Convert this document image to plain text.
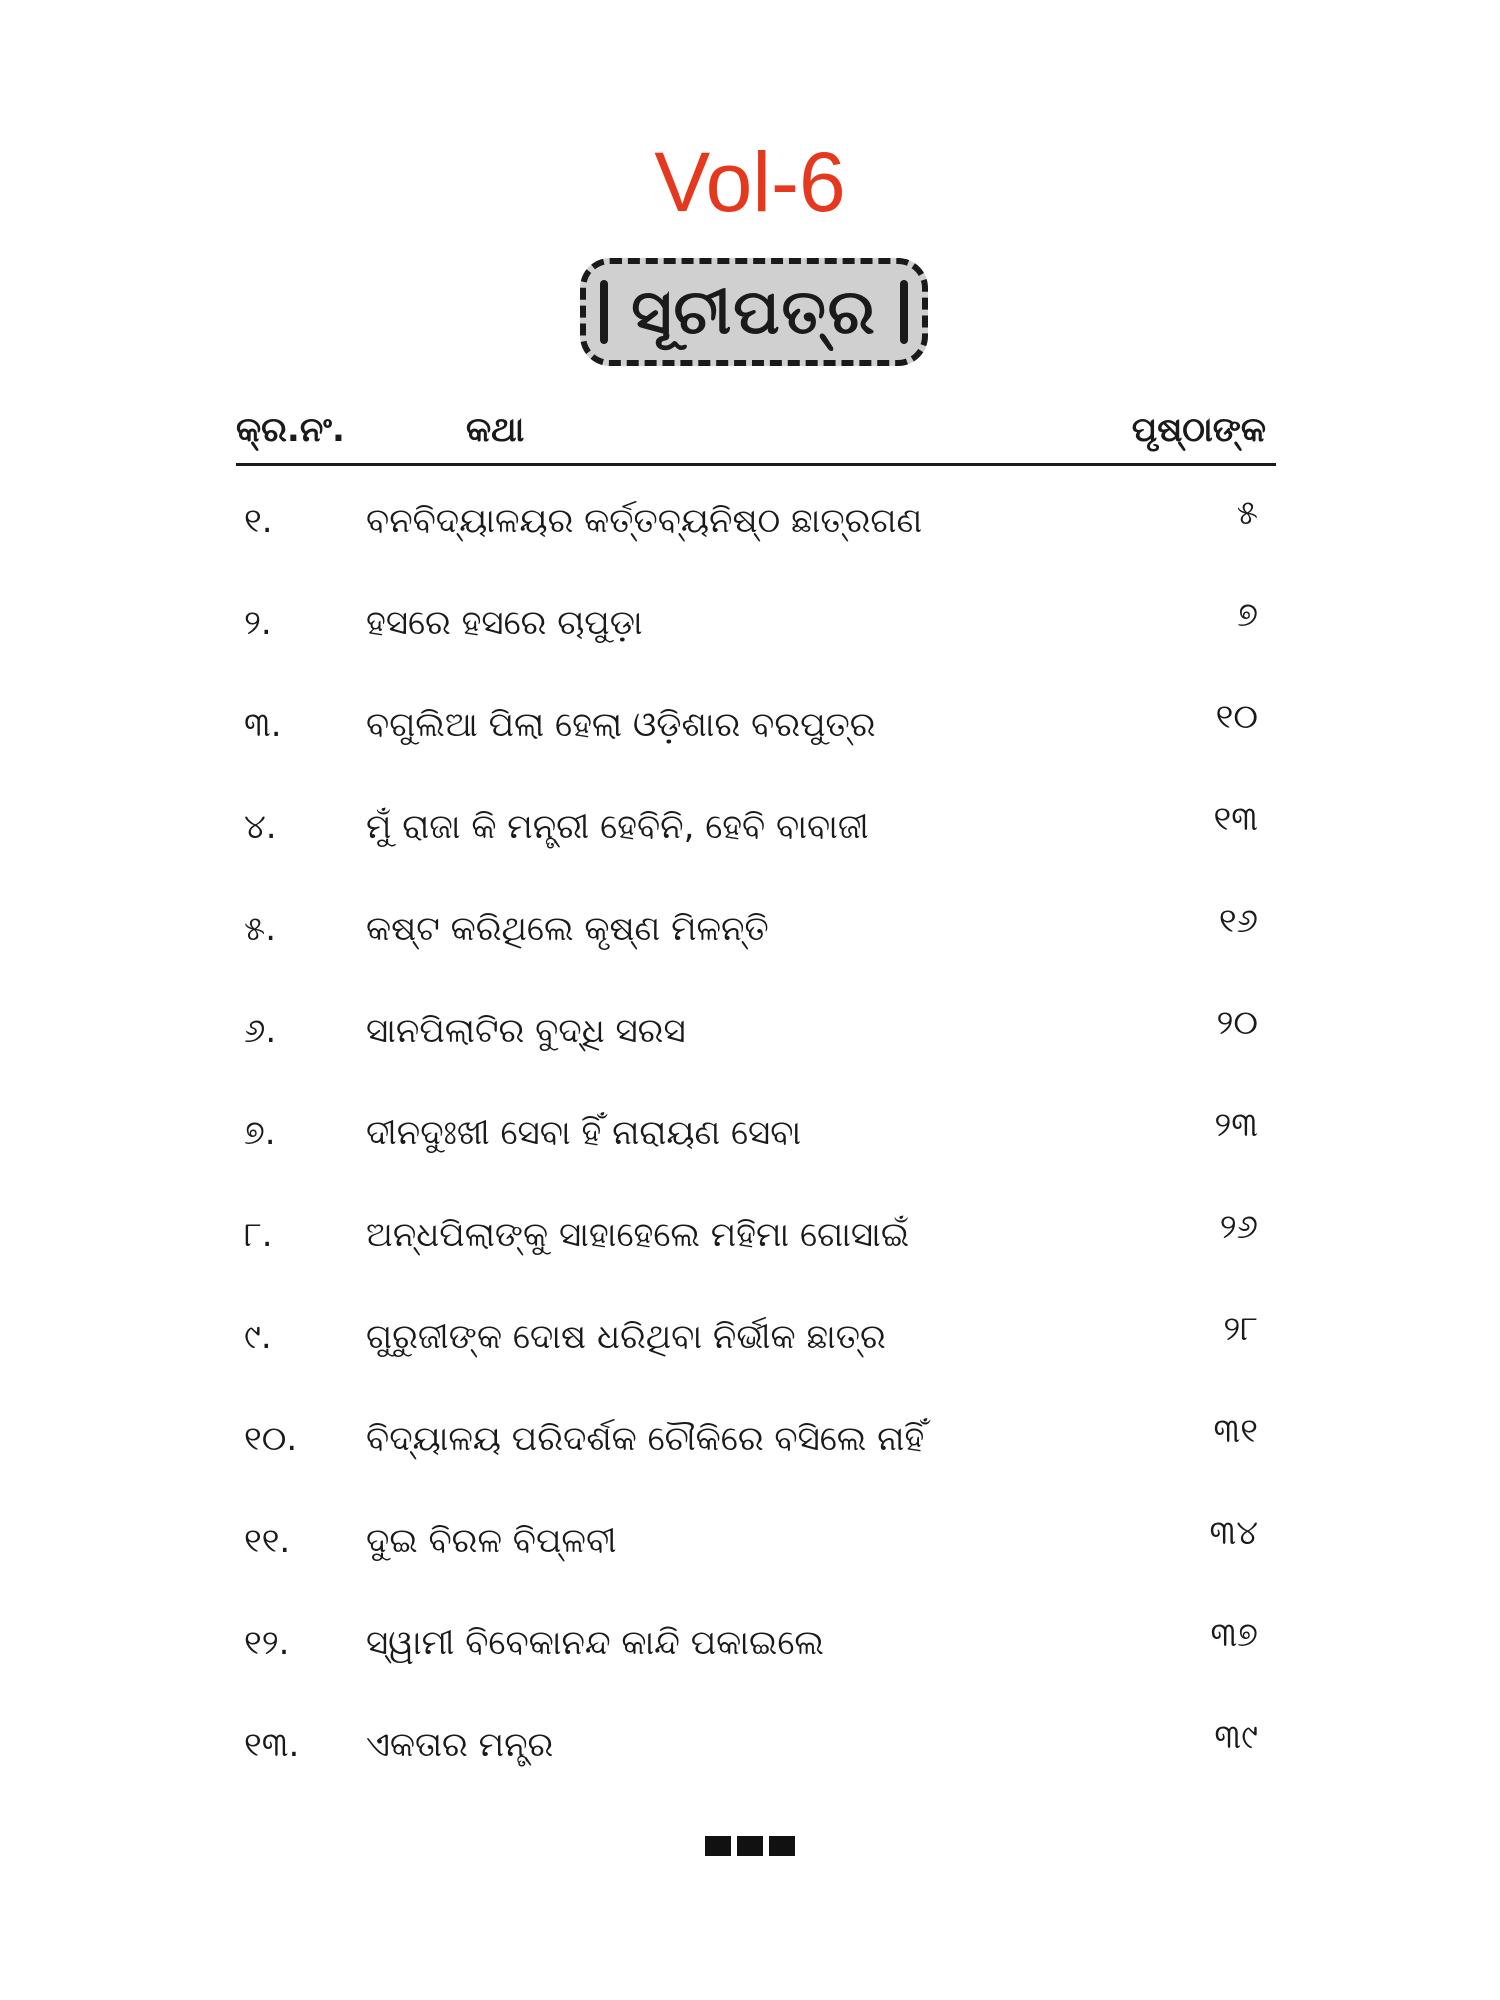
Vol-6
ସୂଚୀପତ୍ର
କ୍ର.ନଂ.	କଥା	ପୃଷ୍ଠାଙ୍କ
୧.	ବନବିଦ୍ୟାଳୟର କର୍ତ୍ତବ୍ୟନିଷ୍ଠ ଛାତ୍ରଗଣ	୫
୨.	ହସରେ ହସରେ ଚାପୁଡ଼ା	୭
୩. ବଗୁଲିଆ ପିଲା ହେଲା ଓଡ଼ିଶାର ବରପୁତ୍ର	୧୦
୪.	ମୁଁ ରାଜା କି ମନ୍ତ୍ରୀ ହେବିନି, ହେବି ବାବାଜୀ	୧୩
୫.	କଷ୍ଟ କରିଥିଲେ କୃଷ୍ଣ ମିଳନ୍ତି	୧୬
୬.	ସାନପିଲାଟିର ବୁଦ୍ଧି ସରସ	୨୦
୭.	ଦୀନଦୁଃଖୀ ସେବା ହିଁ ନାରାୟଣ ସେବା	୨୩
୮.	ଅନ୍ଧପିଲାଙ୍କୁ ସାହାହେଲେ ମହିମା ଗୋସାଇଁ	୨୬
୯.	ଗୁରୁଜୀଙ୍କ ଦୋଷ ଧରିଥିବା ନିର୍ଭୀକ ଛାତ୍ର	୨୮
୧୦. ବିଦ୍ୟାଳୟ ପରିଦର୍ଶକ ଚୌକିରେ ବସିଲେ ନାହିଁ	୩୧
୧୧. ଦୁଇ ବିରଳ ବିପ୍ଳବୀ	୩୪
୧୨. ସ୍ୱାମୀ ବିବେକାନନ୍ଦ କାନ୍ଦି ପକାଇଲେ	୩୭
୧୩. ଏକତାର ମନ୍ତ୍ର	୩୯
